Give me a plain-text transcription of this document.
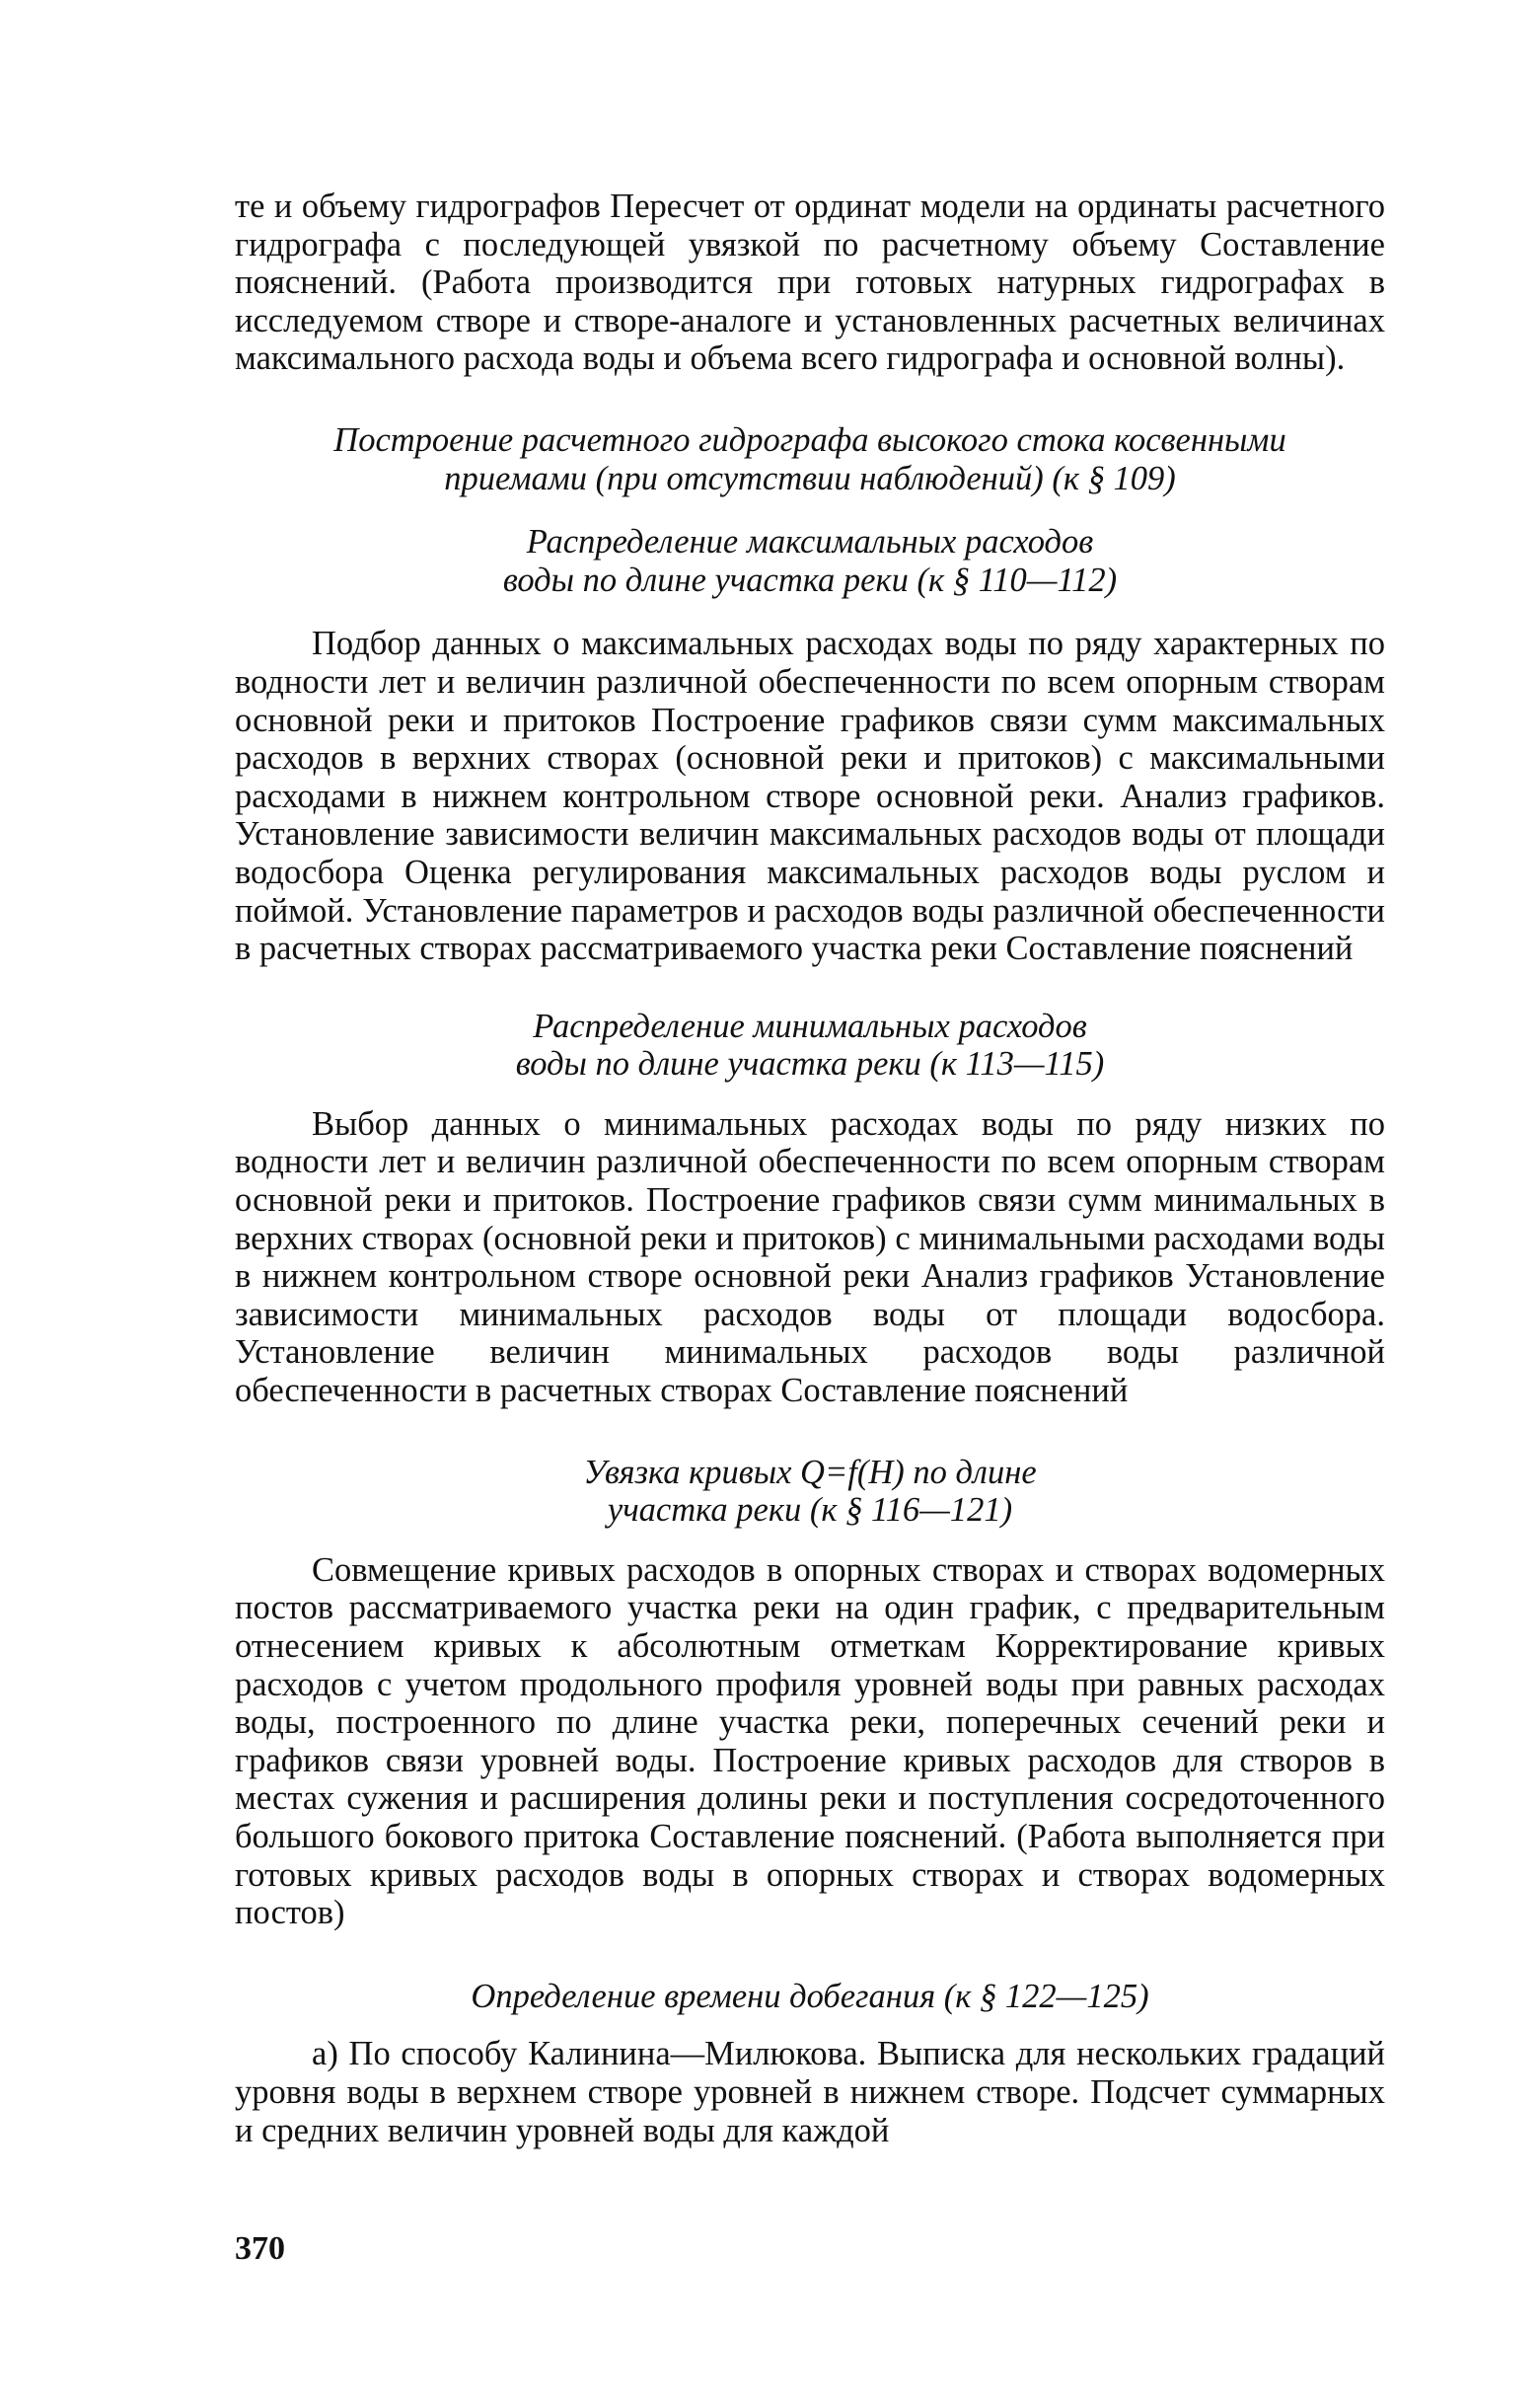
те и объему гидрографов Пересчет от ординат модели на ординаты расчетного гидрографа с последующей увязкой по расчетному объему Составление пояснений. (Работа производится при готовых натурных гидрографах в исследуемом створе и створе-аналоге и установленных расчетных величинах максимального расхода воды и объема всего гидрографа и основной волны).

Построение расчетного гидрографа высокого стока косвенными
приемами (при отсутствии наблюдений) (к § 109)
Распределение максимальных расходов
воды по длине участка реки (к § 110—112)

Подбор данных о максимальных расходах воды по ряду характерных по водности лет и величин различной обеспеченности по всем опорным створам основной реки и притоков Построение графиков связи сумм максимальных расходов в верхних створах (основной реки и притоков) с максимальными расходами в нижнем контрольном створе основной реки. Анализ графиков. Установление зависимости величин максимальных расходов воды от площади водосбора Оценка регулирования максимальных расходов воды руслом и поймой. Установление параметров и расходов воды различной обеспеченности в расчетных створах рассматриваемого участка реки Составление пояснений

Распределение минимальных расходов
воды по длине участка реки (к 113—115)

Выбор данных о минимальных расходах воды по ряду низких по водности лет и величин различной обеспеченности по всем опорным створам основной реки и притоков. Построение графиков связи сумм минимальных в верхних створах (основной реки и притоков) с минимальными расходами воды в нижнем контрольном створе основной реки Анализ графиков Установление зависимости минимальных расходов воды от площади водосбора. Установление величин минимальных расходов воды различной обеспеченности в расчетных створах Составление пояснений

Увязка кривых Q=f(H) по длине
участка реки (к § 116—121)

Совмещение кривых расходов в опорных створах и створах водомерных постов рассматриваемого участка реки на один график, с предварительным отнесением кривых к абсолютным отметкам Корректирование кривых расходов с учетом продольного профиля уровней воды при равных расходах воды, построенного по длине участка реки, поперечных сечений реки и графиков связи уровней воды. Построение кривых расходов для створов в местах сужения и расширения долины реки и поступления сосредоточенного большого бокового притока Составление пояснений. (Работа выполняется при готовых кривых расходов воды в опорных створах и створах водомерных постов)

Определение времени добегания (к § 122—125)

а) По способу Калинина—Милюкова. Выписка для нескольких градаций уровня воды в верхнем створе уровней в нижнем створе. Подсчет суммарных и средних величин уровней воды для каждой

370
